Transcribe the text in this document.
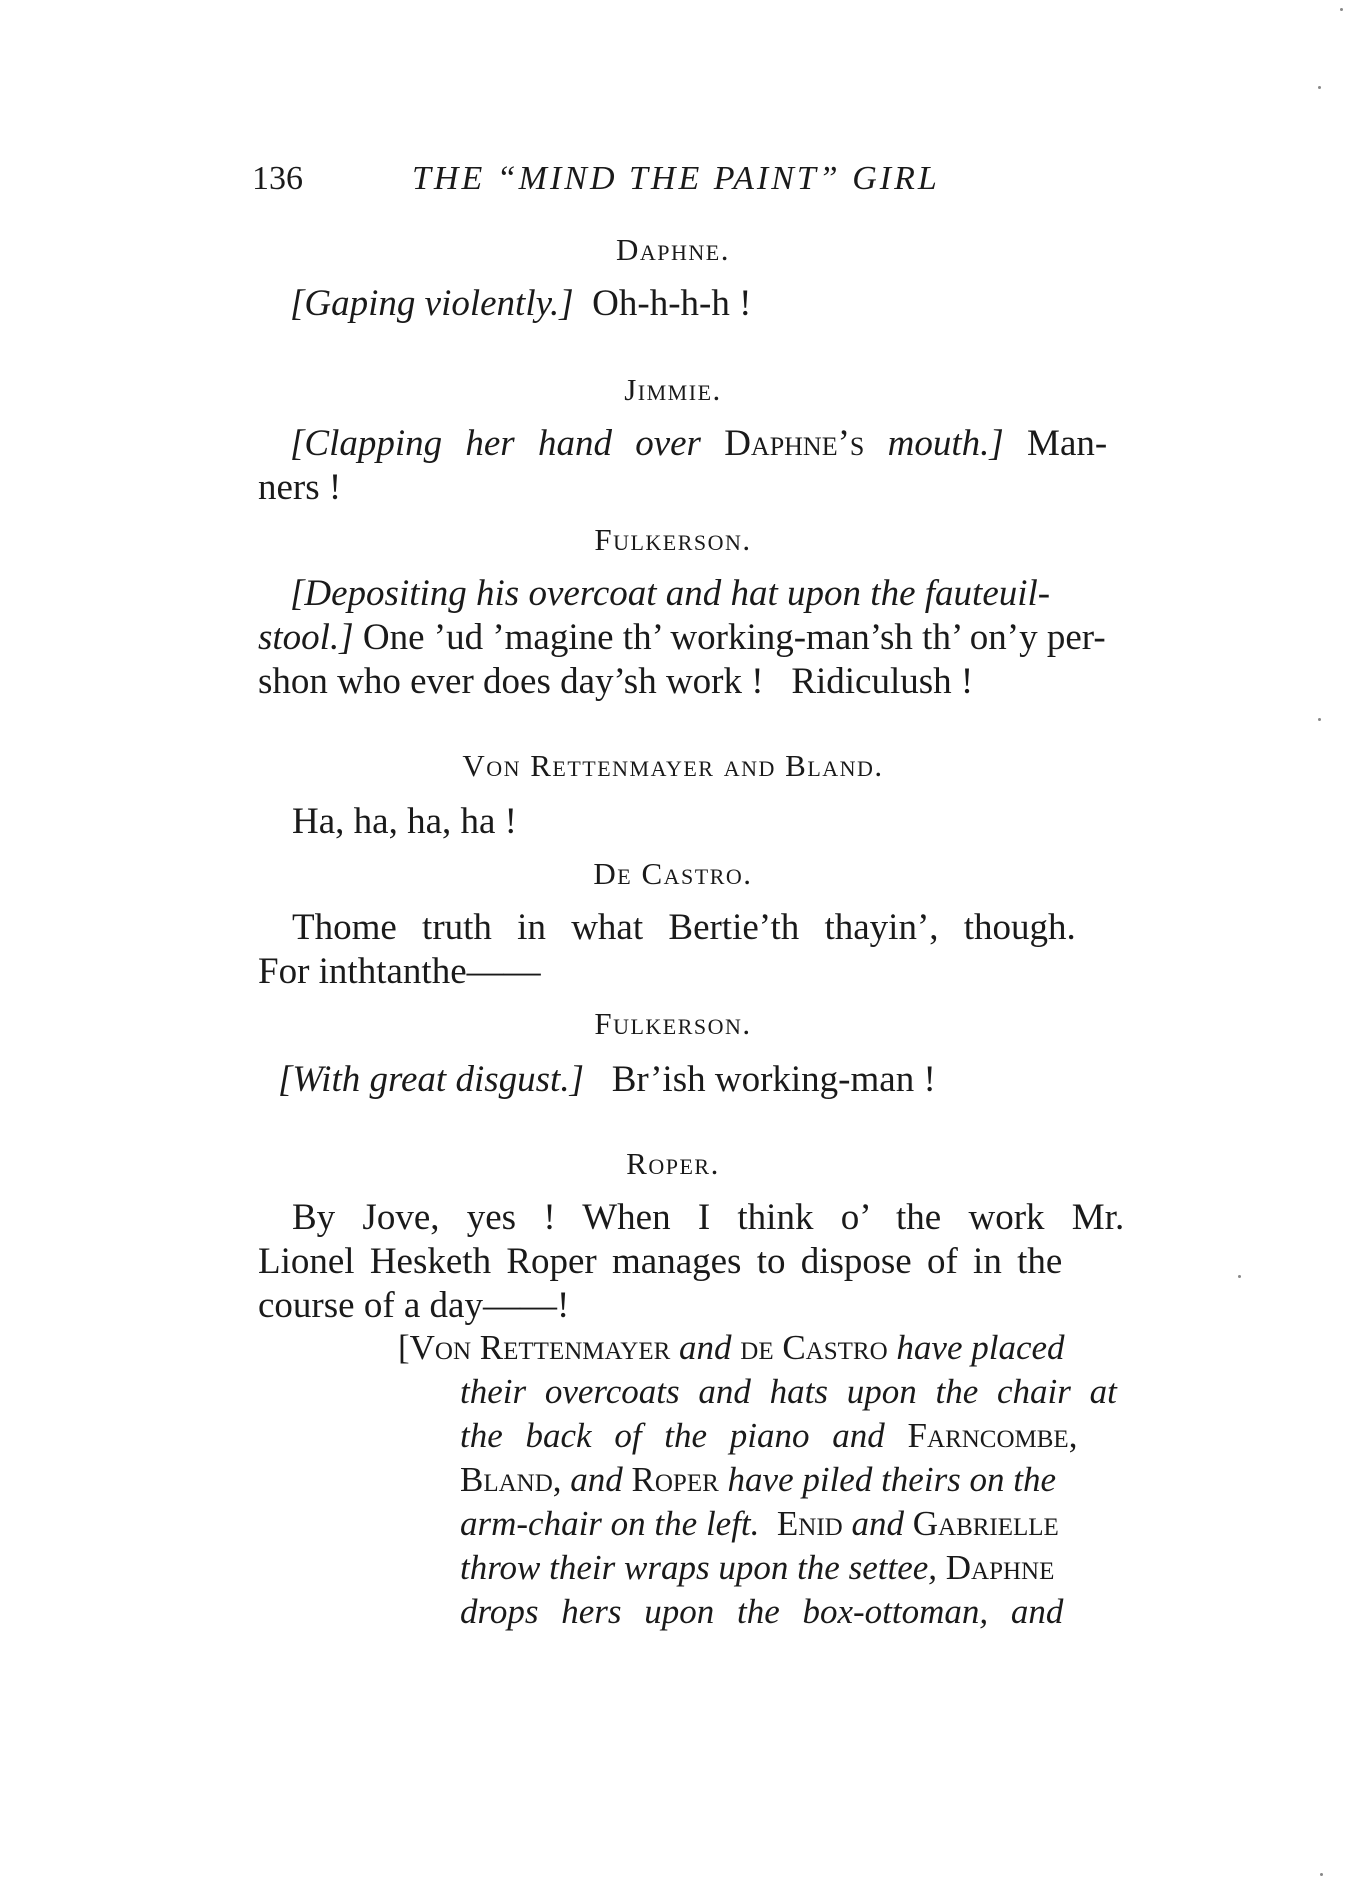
136	THE “MIND THE PAINT” GIRL
Daphne.
[Gaping violently.] Oh-h-h-h !
Jimmie.
[Clapping her hand over Daphne’s mouth.] Man-
ners !
Fulkerson.
[Depositing his overcoat and hat upon the fauteuil-
stool.] One ’ud ’magine th’ working-man’sh th’ on’y per-
shon who ever does day’sh work !   Ridiculush !
Von Rettenmayer and Bland.
Ha, ha, ha, ha !
De Castro.
Thome truth in what Bertie’th thayin’, though.
For inthtanthe——
Fulkerson.
[With great disgust.] Br’ish working-man !
Roper.
By Jove, yes ! When I think o’ the work Mr.
Lionel Hesketh Roper manages to dispose of in the
course of a day——!
[Von Rettenmayer and de Castro have placed
their overcoats and hats upon the chair at
the back of the piano and Farncombe,
Bland, and Roper have piled theirs on the
arm-chair on the left. Enid and Gabrielle
throw their wraps upon the settee, Daphne
drops hers upon the box-ottoman, and
